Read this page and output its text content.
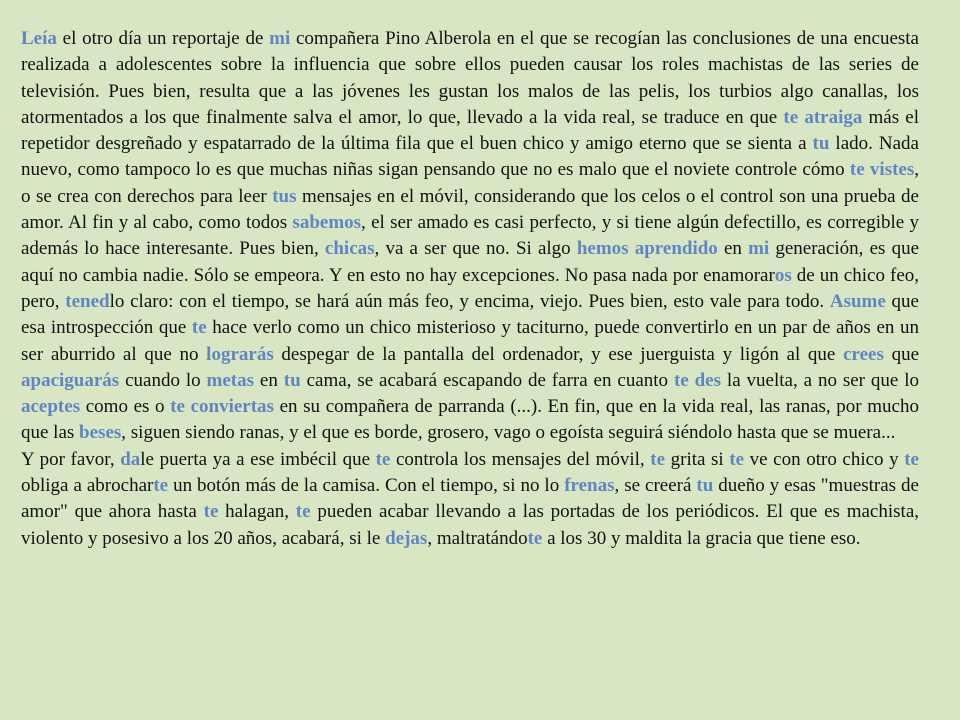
Leía el otro día un reportaje de mi compañera Pino Alberola en el que se recogían las conclusiones de una encuesta realizada a adolescentes sobre la influencia que sobre ellos pueden causar los roles machistas de las series de televisión. Pues bien, resulta que a las jóvenes les gustan los malos de las pelis, los turbios algo canallas, los atormentados a los que finalmente salva el amor, lo que, llevado a la vida real, se traduce en que te atraiga más el repetidor desgreñado y espatarrado de la última fila que el buen chico y amigo eterno que se sienta a tu lado. Nada nuevo, como tampoco lo es que muchas niñas sigan pensando que no es malo que el noviete controle cómo te vistes, o se crea con derechos para leer tus mensajes en el móvil, considerando que los celos o el control son una prueba de amor. Al fin y al cabo, como todos sabemos, el ser amado es casi perfecto, y si tiene algún defectillo, es corregible y además lo hace interesante. Pues bien, chicas, va a ser que no. Si algo hemos aprendido en mi generación, es que aquí no cambia nadie. Sólo se empeora. Y en esto no hay excepciones. No pasa nada por enamoraros de un chico feo, pero, tenedlo claro: con el tiempo, se hará aún más feo, y encima, viejo. Pues bien, esto vale para todo. Asume que esa introspección que te hace verlo como un chico misterioso y taciturno, puede convertirlo en un par de años en un ser aburrido al que no lograrás despegar de la pantalla del ordenador, y ese juerguista y ligón al que crees que apaciguarás cuando lo metas en tu cama, se acabará escapando de farra en cuanto te des la vuelta, a no ser que lo aceptes como es o te conviertas en su compañera de parranda (...). En fin, que en la vida real, las ranas, por mucho que las beses, siguen siendo ranas, y el que es borde, grosero, vago o egoísta seguirá siéndolo hasta que se muera...

Y por favor, dale puerta ya a ese imbécil que te controla los mensajes del móvil, te grita si te ve con otro chico y te obliga a abrocharte un botón más de la camisa. Con el tiempo, si no lo frenas, se creerá tu dueño y esas "muestras de amor" que ahora hasta te halagan, te pueden acabar llevando a las portadas de los periódicos. El que es machista, violento y posesivo a los 20 años, acabará, si le dejas, maltratándote a los 30 y maldita la gracia que tiene eso.
